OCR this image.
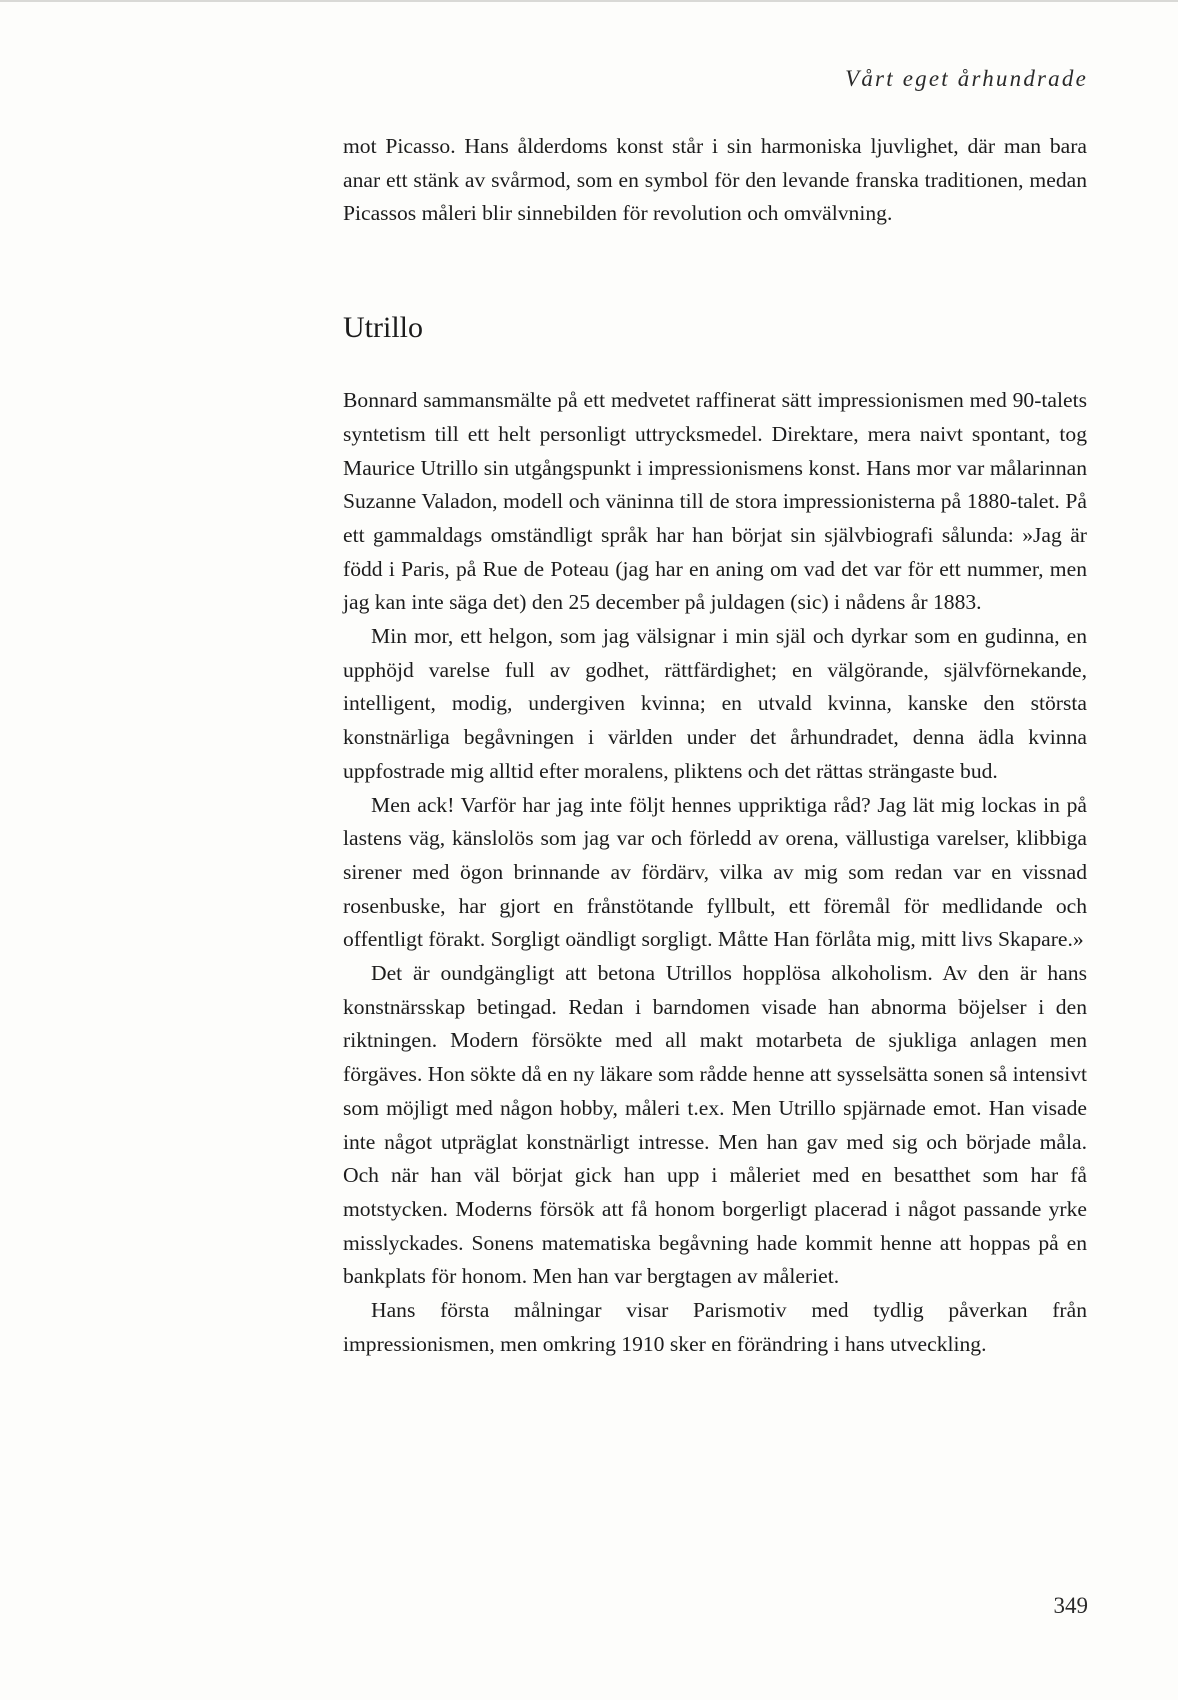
Vårt eget århundrade

mot Picasso. Hans ålderdoms konst står i sin harmoniska ljuvlighet, där man bara anar ett stänk av svårmod, som en symbol för den levande franska traditionen, medan Picassos måleri blir sinnebilden för revolution och omvälvning.

Utrillo

Bonnard sammansmälte på ett medvetet raffinerat sätt impressionismen med 90-talets syntetism till ett helt personligt uttrycksmedel. Direktare, mera naivt spontant, tog Maurice Utrillo sin utgångspunkt i impressionismens konst. Hans mor var målarinnan Suzanne Valadon, modell och väninna till de stora impressionisterna på 1880-talet. På ett gammaldags omständligt språk har han börjat sin självbiografi sålunda: »Jag är född i Paris, på Rue de Poteau (jag har en aning om vad det var för ett nummer, men jag kan inte säga det) den 25 december på juldagen (sic) i nådens år 1883.

Min mor, ett helgon, som jag välsignar i min själ och dyrkar som en gudinna, en upphöjd varelse full av godhet, rättfärdighet; en välgörande, självförnekande, intelligent, modig, undergiven kvinna; en utvald kvinna, kanske den största konstnärliga begåvningen i världen under det århundradet, denna ädla kvinna uppfostrade mig alltid efter moralens, pliktens och det rättas strängaste bud.

Men ack! Varför har jag inte följt hennes uppriktiga råd? Jag lät mig lockas in på lastens väg, känslolös som jag var och förledd av orena, vällustiga varelser, klibbiga sirener med ögon brinnande av fördärv, vilka av mig som redan var en vissnad rosenbuske, har gjort en frånstötande fyllbult, ett föremål för medlidande och offentligt förakt. Sorgligt oändligt sorgligt. Måtte Han förlåta mig, mitt livs Skapare.»

Det är oundgängligt att betona Utrillos hopplösa alkoholism. Av den är hans konstnärsskap betingad. Redan i barndomen visade han abnorma böjelser i den riktningen. Modern försökte med all makt motarbeta de sjukliga anlagen men förgäves. Hon sökte då en ny läkare som rådde henne att sysselsätta sonen så intensivt som möjligt med någon hobby, måleri t.ex. Men Utrillo spjärnade emot. Han visade inte något utpräglat konstnärligt intresse. Men han gav med sig och började måla. Och när han väl börjat gick han upp i måleriet med en besatthet som har få motstycken. Moderns försök att få honom borgerligt placerad i något passande yrke misslyckades. Sonens matematiska begåvning hade kommit henne att hoppas på en bankplats för honom. Men han var bergtagen av måleriet.

Hans första målningar visar Parismotiv med tydlig påverkan från impressionismen, men omkring 1910 sker en förändring i hans utveckling.

349
